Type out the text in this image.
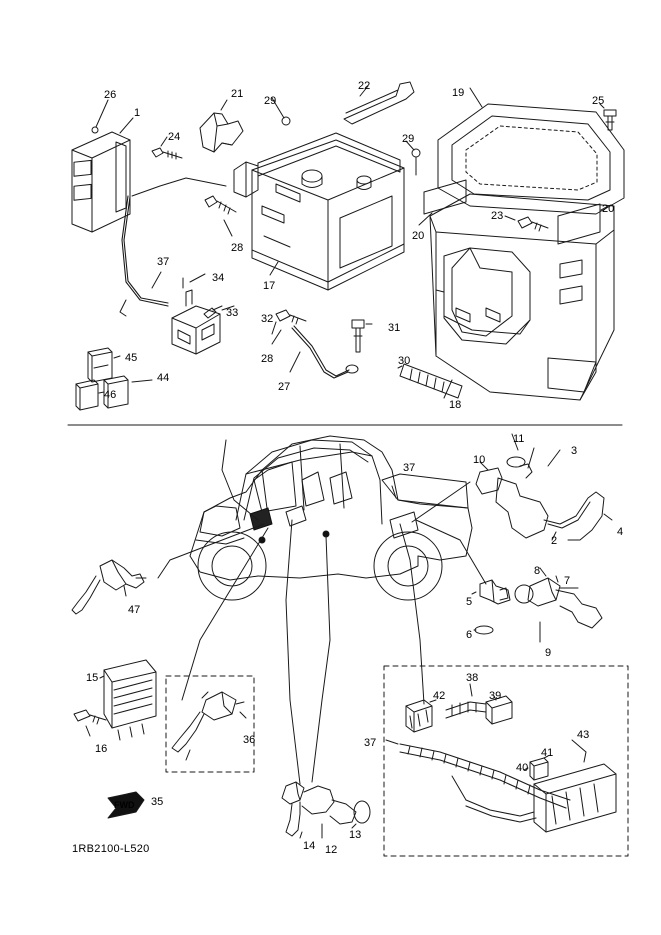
26
1
21
29
22
19
25
24	29
23
20
20
28
17
37
34
33 32
31
28
27
30
18
45
46
44
11
3
10
37
2
4
8
7
5
6
9
47
15
16
36
35
38
42	39
43
41
40
37
14 12
13
FWD
1RB2100-L520
